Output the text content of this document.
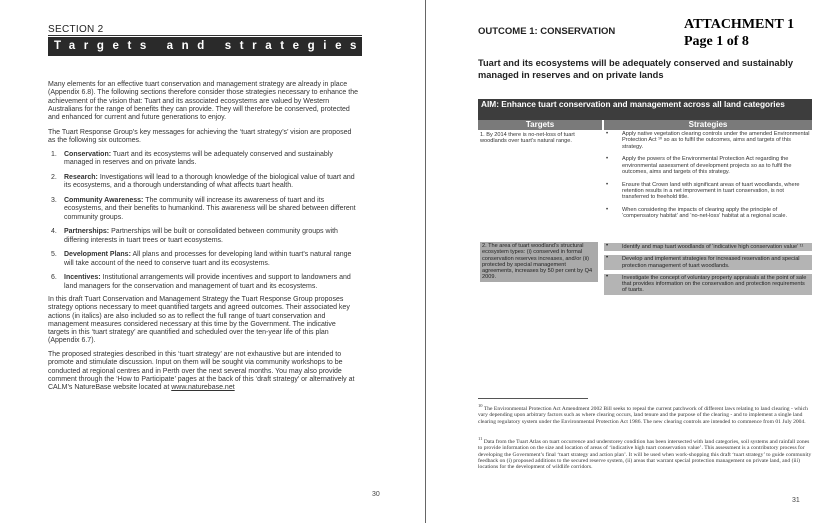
SECTION 2
Targets and strategies

Many elements for an effective tuart conservation and management strategy are already in place (Appendix 6.8). The following sections therefore consider those strategies necessary to enhance the achievement of the vision that: Tuart and its associated ecosystems are valued by Western Australians for the range of benefits they can provide. They will therefore be conserved, protected and enhanced for current and future generations to enjoy.

The Tuart Response Group’s key messages for achieving the ‘tuart strategy’s’ vision are proposed as the following six outcomes.

1. Conservation: Tuart and its ecosystems will be adequately conserved and sustainably managed in reserves and on private lands.
2. Research: Investigations will lead to a thorough knowledge of the biological value of tuart and its ecosystems, and a thorough understanding of what affects tuart health.
3. Community Awareness: The community will increase its awareness of tuart and its ecosystems, and their benefits to humankind. This awareness will be shared between different community groups.
4. Partnerships: Partnerships will be built or consolidated between community groups with differing interests in tuart trees or tuart ecosystems.
5. Development Plans: All plans and processes for developing land within tuart’s natural range will take account of the need to conserve tuart and its ecosystems.
6. Incentives: Institutional arrangements will provide incentives and support to landowners and land managers for the conservation and management of tuart and its ecosystems.

In this draft Tuart Conservation and Management Strategy the Tuart Response Group proposes strategy options necessary to meet quantified targets and agreed outcomes. Their associated key actions (in italics) are also included so as to reflect the full range of tuart conservation and management measures considered necessary at this time by the Government. The indicative targets in this ‘tuart strategy’ are quantified and scheduled over the ten-year life of this plan (Appendix 6.7).

The proposed strategies described in this ‘tuart strategy’ are not exhaustive but are intended to promote and stimulate discussion. Input on them will be sought via community workshops to be conducted at regional centres and in Perth over the next several months. You may also provide comment through the ‘How to Participate’ pages at the back of this ‘draft strategy’ or alternatively at CALM’s NatureBase website located at www.naturebase.net

30
OUTCOME 1: CONSERVATION	ATTACHMENT 1
Page 1 of 8

Tuart and its ecosystems will be adequately conserved and sustainably managed in reserves and on private lands

AIM: Enhance tuart conservation and management across all land categories
Targets	Strategies

1. By 2014 there is no-net-loss of tuart woodlands over tuart’s natural range.

• Apply native vegetation clearing controls under the amended Environmental Protection Act ¹⁰ so as to fulfil the outcomes, aims and targets of this strategy.
• Apply the powers of the Environmental Protection Act regarding the environmental assessment of development projects so as to fulfil the outcomes, aims and targets of this strategy.
• Ensure that Crown land with significant areas of tuart woodlands, where retention results in a net improvement in tuart conservation, is not transferred to freehold title.
• When considering the impacts of clearing apply the principle of ‘compensatory habitat’ and ‘no-net-loss’ habitat at a regional scale.

2. The area of tuart woodland’s structural ecosystem types: (i) conserved in formal conservation reserves increases, and/or (ii) protected by special management agreements, increases by 50 per cent by Q4 2009.

• Identify and map tuart woodlands of ‘indicative high conservation value’ ¹¹
• Develop and implement strategies for increased reservation and special protection management of tuart woodlands.
• Investigate the concept of voluntary property appraisals at the point of sale that provides information on the conservation and protection requirements of tuarts.

$^{10}$ The Environmental Protection Act Amendment 2002 Bill seeks to repeal the current patchwork of different laws relating to land clearing - which vary depending upon arbitrary factors such as where clearing occurs, land tenure and the purpose of the clearing - and to implement a single land clearing regulatory system under the Environmental Protection Act 1986. The new clearing controls are intended to commence from 01 July 2004.

$^{11}$ Data from the Tuart Atlas on tuart occurrence and understorey condition has been intersected with land categories, soil systems and rainfall zones to provide information on the size and location of areas of ‘indicative high tuart conservation value’. This assessment is a contributory process for developing the Government’s final ‘tuart strategy and action plan’. It will be used when work-shopping this draft ‘tuart strategy’ to guide community feedback on (i) proposed additions to the secured reserve system, (ii) areas that warrant special protection management on private land, and (iii) locations for the development of wildlife corridors.

31
